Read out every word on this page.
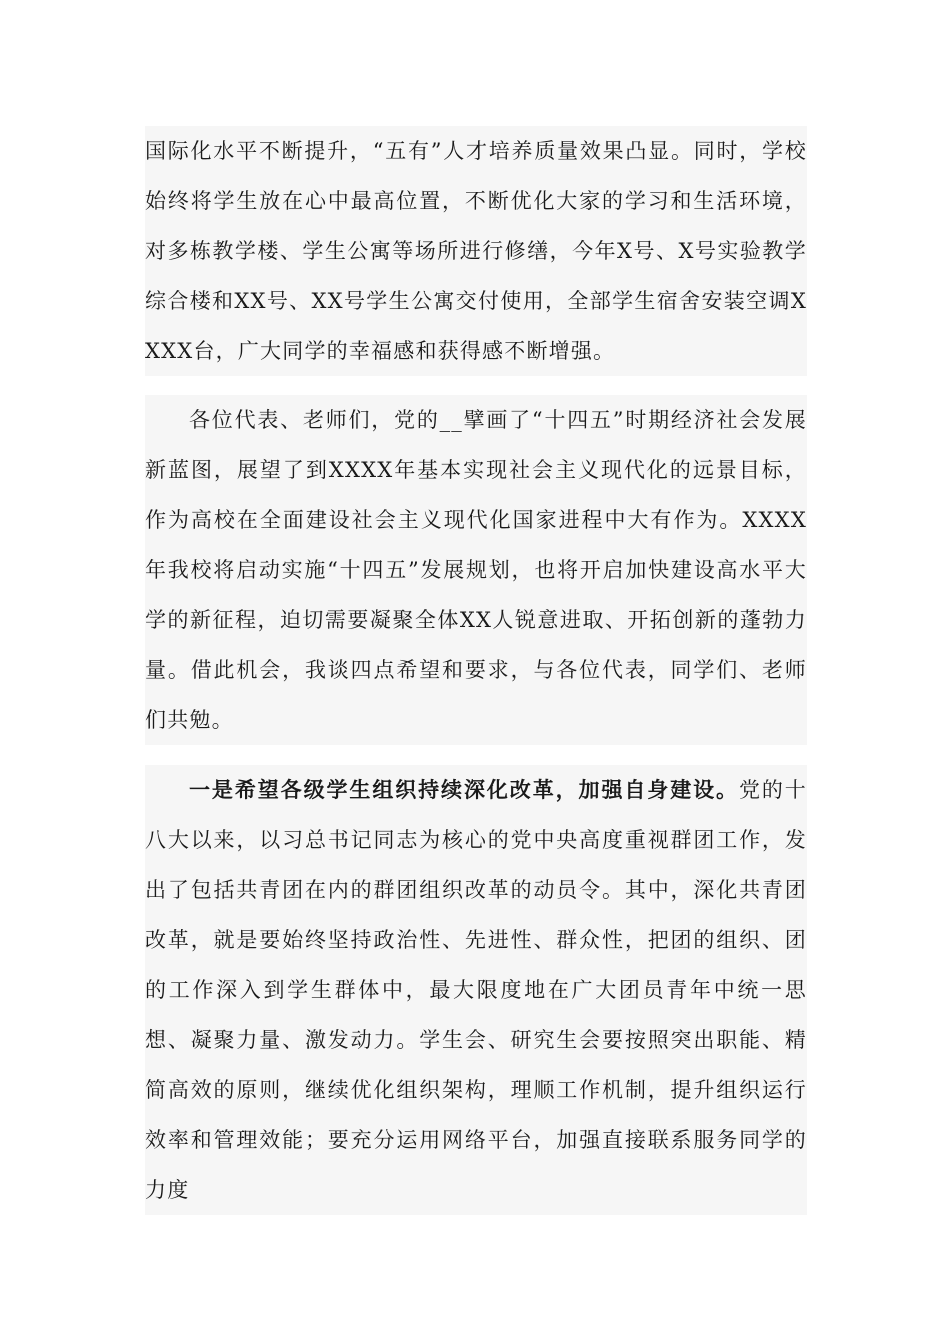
国际化水平不断提升，“五有”人才培养质量效果凸显。同时，学校始终将学生放在心中最高位置，不断优化大家的学习和生活环境，对多栋教学楼、学生公寓等场所进行修缮，今年X号、X号实验教学综合楼和XX号、XX号学生公寓交付使用，全部学生宿舍安装空调XXXX台，广大同学的幸福感和获得感不断增强。

各位代表、老师们，党的__擘画了“十四五”时期经济社会发展新蓝图，展望了到XXXX年基本实现社会主义现代化的远景目标，作为高校在全面建设社会主义现代化国家进程中大有作为。XXXX年我校将启动实施“十四五”发展规划，也将开启加快建设高水平大学的新征程，迫切需要凝聚全体XX人锐意进取、开拓创新的蓬勃力量。借此机会，我谈四点希望和要求，与各位代表，同学们、老师们共勉。

一是希望各级学生组织持续深化改革，加强自身建设。党的十八大以来，以习总书记同志为核心的党中央高度重视群团工作，发出了包括共青团在内的群团组织改革的动员令。其中，深化共青团改革，就是要始终坚持政治性、先进性、群众性，把团的组织、团的工作深入到学生群体中，最大限度地在广大团员青年中统一思想、凝聚力量、激发动力。学生会、研究生会要按照突出职能、精简高效的原则，继续优化组织架构，理顺工作机制，提升组织运行效率和管理效能；要充分运用网络平台，加强直接联系服务同学的力度
